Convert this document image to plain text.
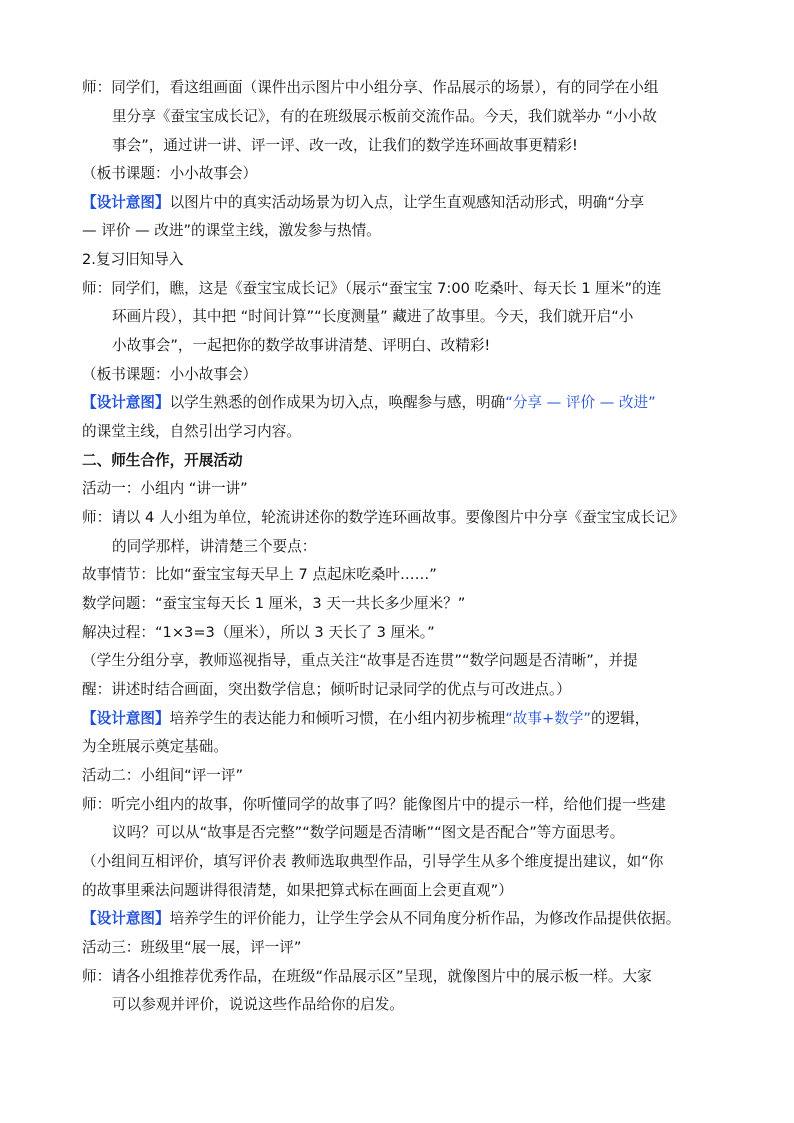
师：同学们，看这组画面（课件出示图片中小组分享、作品展示的场景），有的同学在小组
里分享《蚕宝宝成长记》，有的在班级展示板前交流作品。今天，我们就举办 “小小故
事会”，通过讲一讲、评一评、改一改，让我们的数学连环画故事更精彩!
（板书课题：小小故事会）
【设计意图】以图片中的真实活动场景为切入点，让学生直观感知活动形式，明确“分享
— 评价 — 改进”的课堂主线，激发参与热情。
2.复习旧知导入
师：同学们，瞧，这是《蚕宝宝成长记》（展示“蚕宝宝 7:00 吃桑叶、每天长 1 厘米”的连
环画片段），其中把 “时间计算”“长度测量” 藏进了故事里。今天，我们就开启“小
小故事会”，一起把你的数学故事讲清楚、评明白、改精彩!
（板书课题：小小故事会）
【设计意图】以学生熟悉的创作成果为切入点，唤醒参与感，明确“分享 — 评价 — 改进”
的课堂主线，自然引出学习内容。
二、师生合作，开展活动
活动一：小组内 “讲一讲”
师：请以 4 人小组为单位，轮流讲述你的数学连环画故事。要像图片中分享《蚕宝宝成长记》
的同学那样，讲清楚三个要点：
故事情节：比如“蚕宝宝每天早上 7 点起床吃桑叶……”
数学问题：“蚕宝宝每天长 1 厘米，3 天一共长多少厘米？”
解决过程：“1×3=3（厘米），所以 3 天长了 3 厘米。”
（学生分组分享，教师巡视指导，重点关注“故事是否连贯”“数学问题是否清晰”，并提
醒：讲述时结合画面，突出数学信息；倾听时记录同学的优点与可改进点。）
【设计意图】培养学生的表达能力和倾听习惯，在小组内初步梳理“故事+数学”的逻辑，
为全班展示奠定基础。
活动二：小组间“评一评”
师：听完小组内的故事，你听懂同学的故事了吗？能像图片中的提示一样，给他们提一些建
议吗？可以从“故事是否完整”“数学问题是否清晰”“图文是否配合”等方面思考。
（小组间互相评价，填写评价表 教师选取典型作品，引导学生从多个维度提出建议，如“你
的故事里乘法问题讲得很清楚，如果把算式标在画面上会更直观”）
【设计意图】培养学生的评价能力，让学生学会从不同角度分析作品，为修改作品提供依据。
活动三：班级里“展一展，评一评”
师：请各小组推荐优秀作品，在班级“作品展示区”呈现，就像图片中的展示板一样。大家
可以参观并评价，说说这些作品给你的启发。
